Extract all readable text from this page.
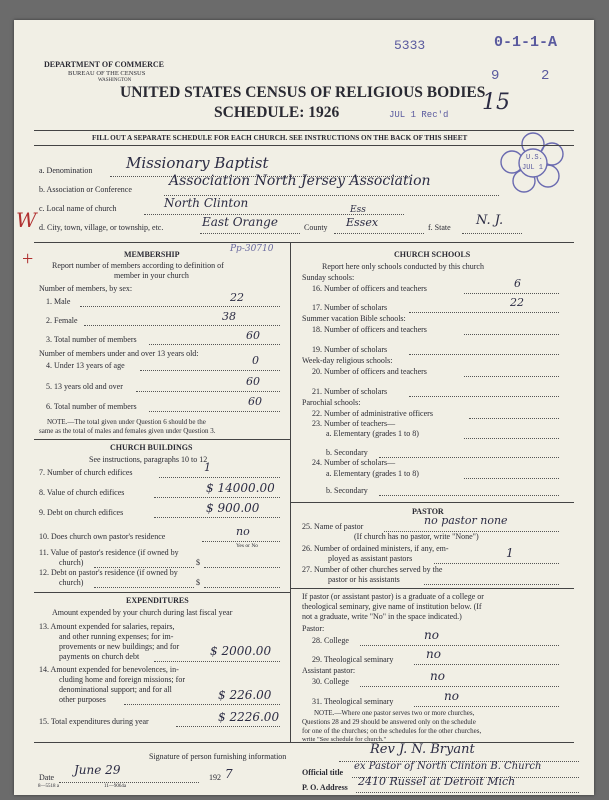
5333	0-1-1-A
9	2
JUL 1 Rec'd 15
U.S.
JUL 1
DEPARTMENT OF COMMERCE
BUREAU OF THE CENSUS
WASHINGTON
UNITED STATES CENSUS OF RELIGIOUS BODIES
SCHEDULE: 1926
FILL OUT A SEPARATE SCHEDULE FOR EACH CHURCH. SEE INSTRUCTIONS ON THE BACK OF THIS SHEET
a. Denomination Missionary Baptist
b. Association or Conference
Association North Jersey Association
c. Local name of church	North Clinton
d. City, town, village, or township, etc.	East Orange	County
Ess
Essex	f. State N. J.
W
Pp-30710
+	MEMBERSHIP
Report number of members according to definition of
member in your church
Number of members, by sex:
1. Male	22
2. Female	38
3. Total number of members	60
Number of members under and over 13 years old:
4. Under 13 years of age	0
5. 13 years old and over	60
6. Total number of members	60
NOTE.—The total given under Question 6 should be the
same as the total of males and females given under Question 3.
CHURCH BUILDINGS
See instructions, paragraphs 10 to 12
7. Number of church edifices	1
8. Value of church edifices	$ 14000.00
9. Debt on church edifices	$ 900.00
10. Does church own pastor's residence	no
Yes or No
11. Value of pastor's residence (if owned by
church)	$
12. Debt on pastor's residence (if owned by
church)	$
EXPENDITURES
Amount expended by your church during last fiscal year
13. Amount expended for salaries, repairs,
and other running expenses; for im-
provements or new buildings; and for
payments on church debt	$ 2000.00
14. Amount expended for benevolences, in-
cluding home and foreign missions; for
denominational support; and for all
other purposes	$ 226.00
15. Total expenditures during year	$ 2226.00
CHURCH SCHOOLS
Report here only schools conducted by this church
Sunday schools:
16. Number of officers and teachers	6
17. Number of scholars	22
Summer vacation Bible schools:
18. Number of officers and teachers
19. Number of scholars
Week-day religious schools:
20. Number of officers and teachers
21. Number of scholars
Parochial schools:
22. Number of administrative officers
23. Number of teachers—
a. Elementary (grades 1 to 8)
b. Secondary
24. Number of scholars—
a. Elementary (grades 1 to 8)
b. Secondary
PASTOR
25. Name of pastor	no pastor none
(If church has no pastor, write "None")
26. Number of ordained ministers, if any, em-
ployed as assistant pastors	1
27. Number of other churches served by the
pastor or his assistants
If pastor (or assistant pastor) is a graduate of a college or
theological seminary, give name of institution below. (If
not a graduate, write "No" in the space indicated.)
Pastor:
28. College	no
29. Theological seminary	no
Assistant pastor:
30. College	no
31. Theological seminary	no
NOTE.—Where one pastor serves two or more churches,
Questions 28 and 29 should be answered only on the schedule
for one of the churches; on the schedules for the other churches,
write "See schedule for church."
Signature of person furnishing information	Rev J. N. Bryant
Official title
ex Pastor of North Clinton B. Church
Date
June 29
192 7
P. O. Address 2410 Russel at Detroit Mich
8—5518 a	11—9064a
